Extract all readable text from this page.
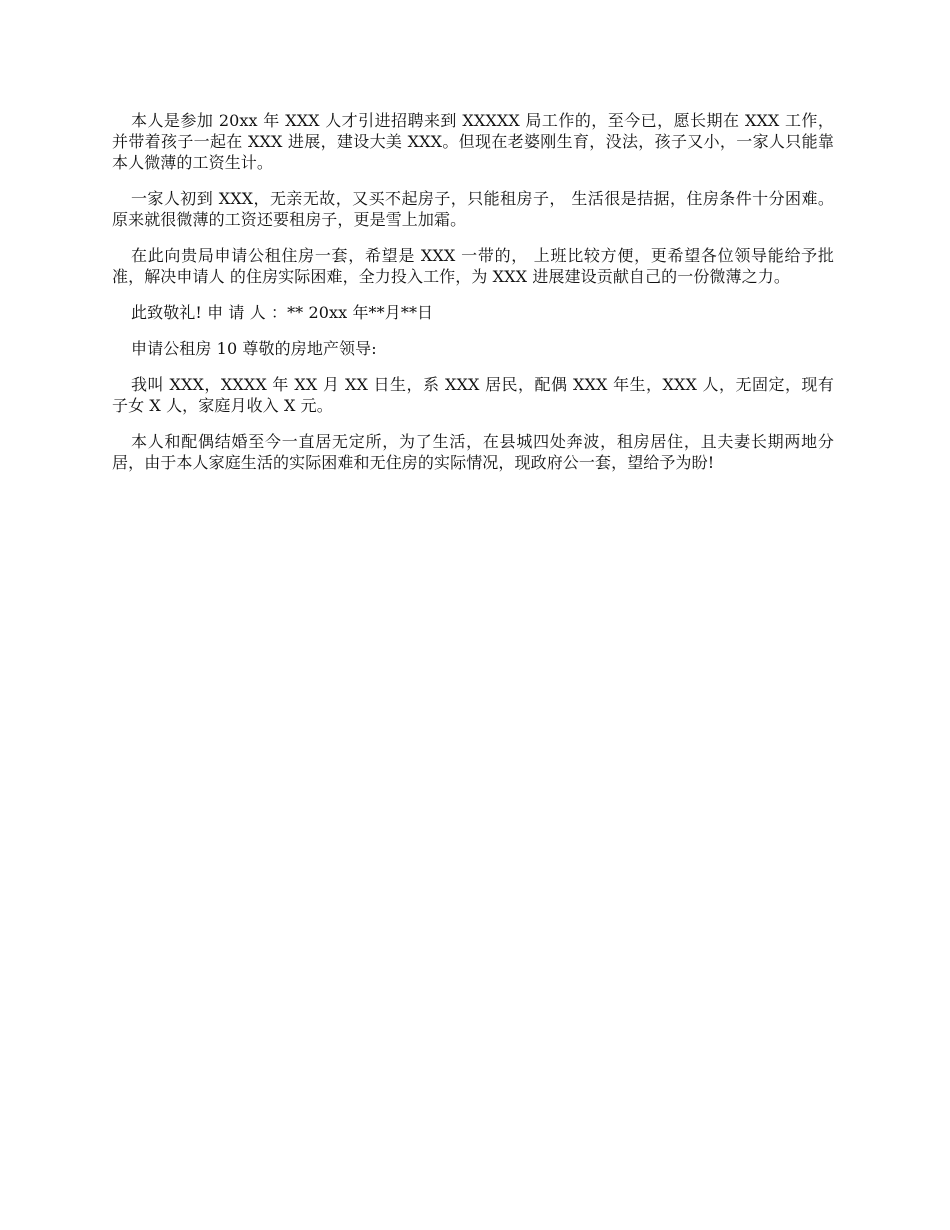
本人是参加 20xx 年 XXX 人才引进招聘来到 XXXXX 局工作的，至今已，愿长期在 XXX 工作，并带着孩子一起在 XXX 进展，建设大美 XXX。但现在老婆刚生育，没法，孩子又小，一家人只能靠本人微薄的工资生计。

一家人初到 XXX，无亲无故，又买不起房子，只能租房子， 生活很是拮据，住房条件十分困难。原来就很微薄的工资还要租房子，更是雪上加霜。

在此向贵局申请公租住房一套，希望是 XXX 一带的， 上班比较方便，更希望各位领导能给予批准，解决申请人 的住房实际困难，全力投入工作，为 XXX 进展建设贡献自己的一份微薄之力。

此致敬礼! 申 请 人 ：** 20xx 年**月**日

申请公租房 10 尊敬的房地产领导:

我叫 XXX，XXXX 年 XX 月 XX 日生，系 XXX 居民，配偶 XXX 年生，XXX 人，无固定，现有子女 X 人，家庭月收入 X 元。

本人和配偶结婚至今一直居无定所，为了生活，在县城四处奔波，租房居住，且夫妻长期两地分居，由于本人家庭生活的实际困难和无住房的实际情况，现政府公一套，望给予为盼!
